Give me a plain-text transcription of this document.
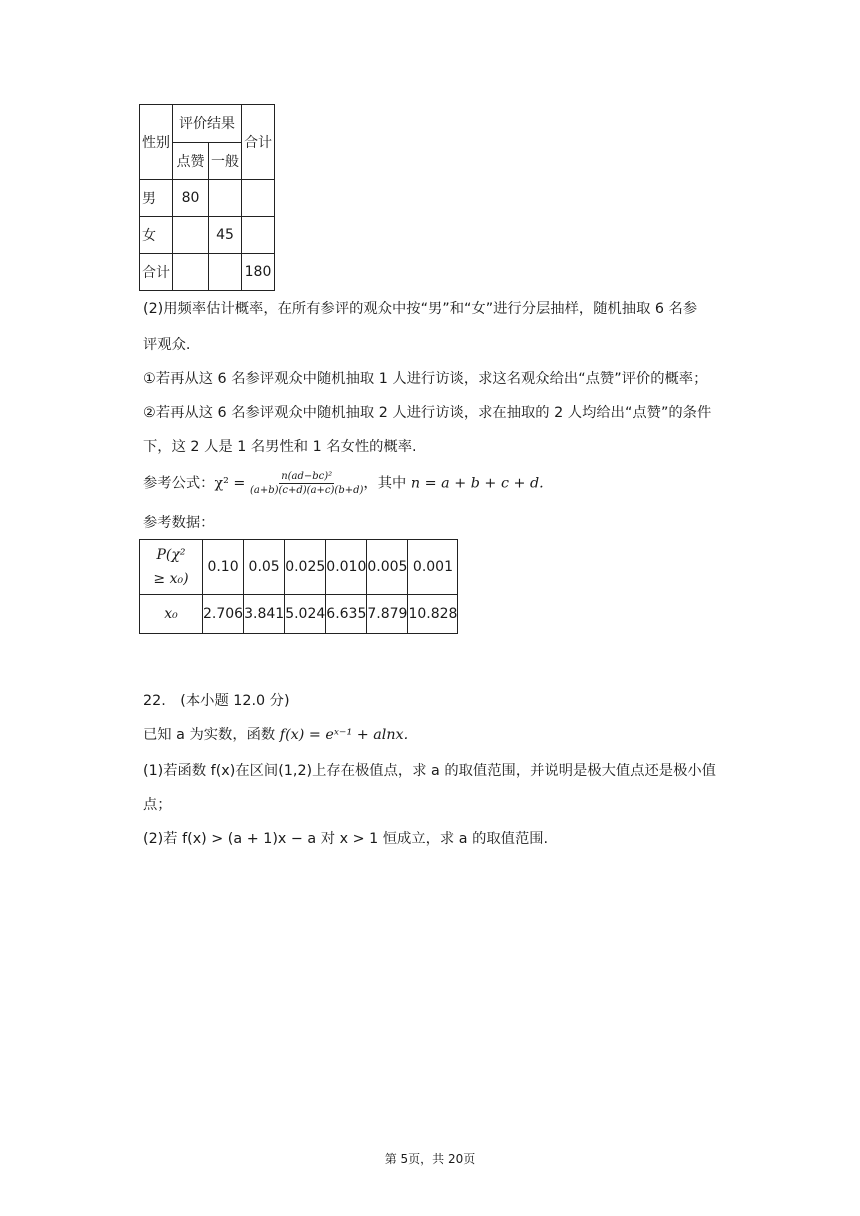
性别	评价结果		合计
	点赞	一般	
男	80		
女		45	
合计			180
(2)用频率估计概率，在所有参评的观众中按“男”和“女”进行分层抽样，随机抽取 6 名参
评观众.
①若再从这 6 名参评观众中随机抽取 1 人进行访谈，求这名观众给出“点赞”评价的概率；
②若再从这 6 名参评观众中随机抽取 2 人进行访谈，求在抽取的 2 人均给出“点赞”的条件
下，这 2 人是 1 名男性和 1 名女性的概率.
参考公式：$\chi^2 = \frac{\text{n(ad−bc)²}}{(a+b)(c+d)(a+c)(b+d)}$ ，其中 n = a + b + c + d.
参考数据：
P(χ²
≥ x₀)	0.10	0.05	0.025	0.010	0.005	0.001
x₀	2.706	3.841	5.024	6.635	7.879	10.828
22. (本小题 12.0 分)
已知 a 为实数，函数 f(x) = eˣ⁻¹ + alnx.
(1)若函数 f(x)在区间(1,2)上存在极值点，求 a 的取值范围，并说明是极大值点还是极小值
点；
(2)若 f(x) > (a + 1)x − a 对 x > 1 恒成立，求 a 的取值范围.
第 5页，共 20页
